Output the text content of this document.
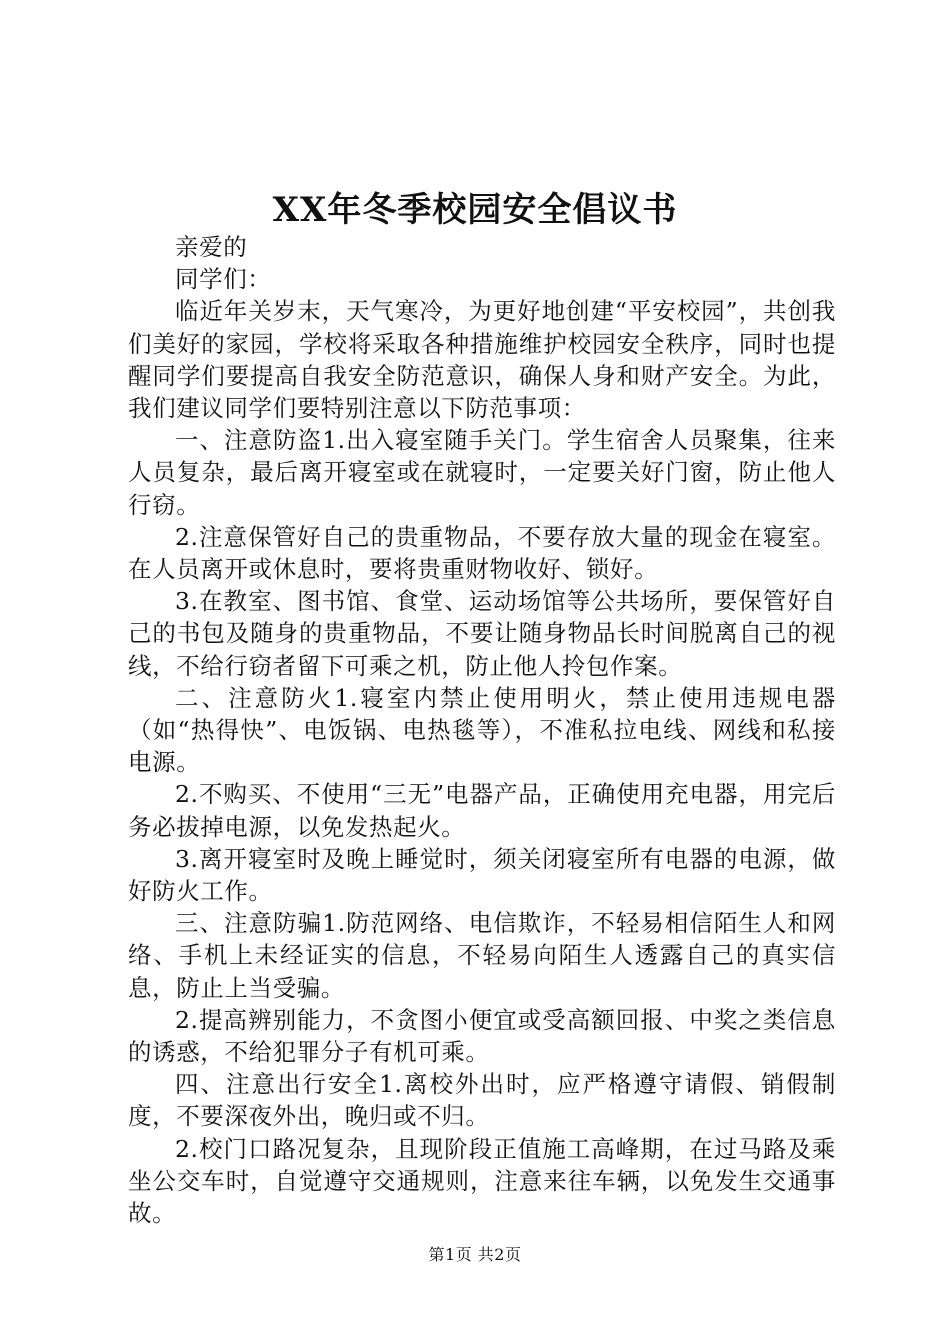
XX年冬季校园安全倡议书

亲爱的

同学们：

临近年关岁末，天气寒冷，为更好地创建“平安校园”，共创我们美好的家园，学校将采取各种措施维护校园安全秩序，同时也提醒同学们要提高自我安全防范意识，确保人身和财产安全。为此，我们建议同学们要特别注意以下防范事项：

一、注意防盗1.出入寝室随手关门。学生宿舍人员聚集，往来人员复杂，最后离开寝室或在就寝时，一定要关好门窗，防止他人行窃。

2.注意保管好自己的贵重物品，不要存放大量的现金在寝室。在人员离开或休息时，要将贵重财物收好、锁好。

3.在教室、图书馆、食堂、运动场馆等公共场所，要保管好自己的书包及随身的贵重物品，不要让随身物品长时间脱离自己的视线，不给行窃者留下可乘之机，防止他人拎包作案。

二、注意防火1.寝室内禁止使用明火，禁止使用违规电器（如“热得快”、电饭锅、电热毯等），不准私拉电线、网线和私接电源。

2.不购买、不使用“三无”电器产品，正确使用充电器，用完后务必拔掉电源，以免发热起火。

3.离开寝室时及晚上睡觉时，须关闭寝室所有电器的电源，做好防火工作。

三、注意防骗1.防范网络、电信欺诈，不轻易相信陌生人和网络、手机上未经证实的信息，不轻易向陌生人透露自己的真实信息，防止上当受骗。

2.提高辨别能力，不贪图小便宜或受高额回报、中奖之类信息的诱惑，不给犯罪分子有机可乘。

四、注意出行安全1.离校外出时，应严格遵守请假、销假制度，不要深夜外出，晚归或不归。

2.校门口路况复杂，且现阶段正值施工高峰期，在过马路及乘坐公交车时，自觉遵守交通规则，注意来往车辆，以免发生交通事故。

第1页 共2页
